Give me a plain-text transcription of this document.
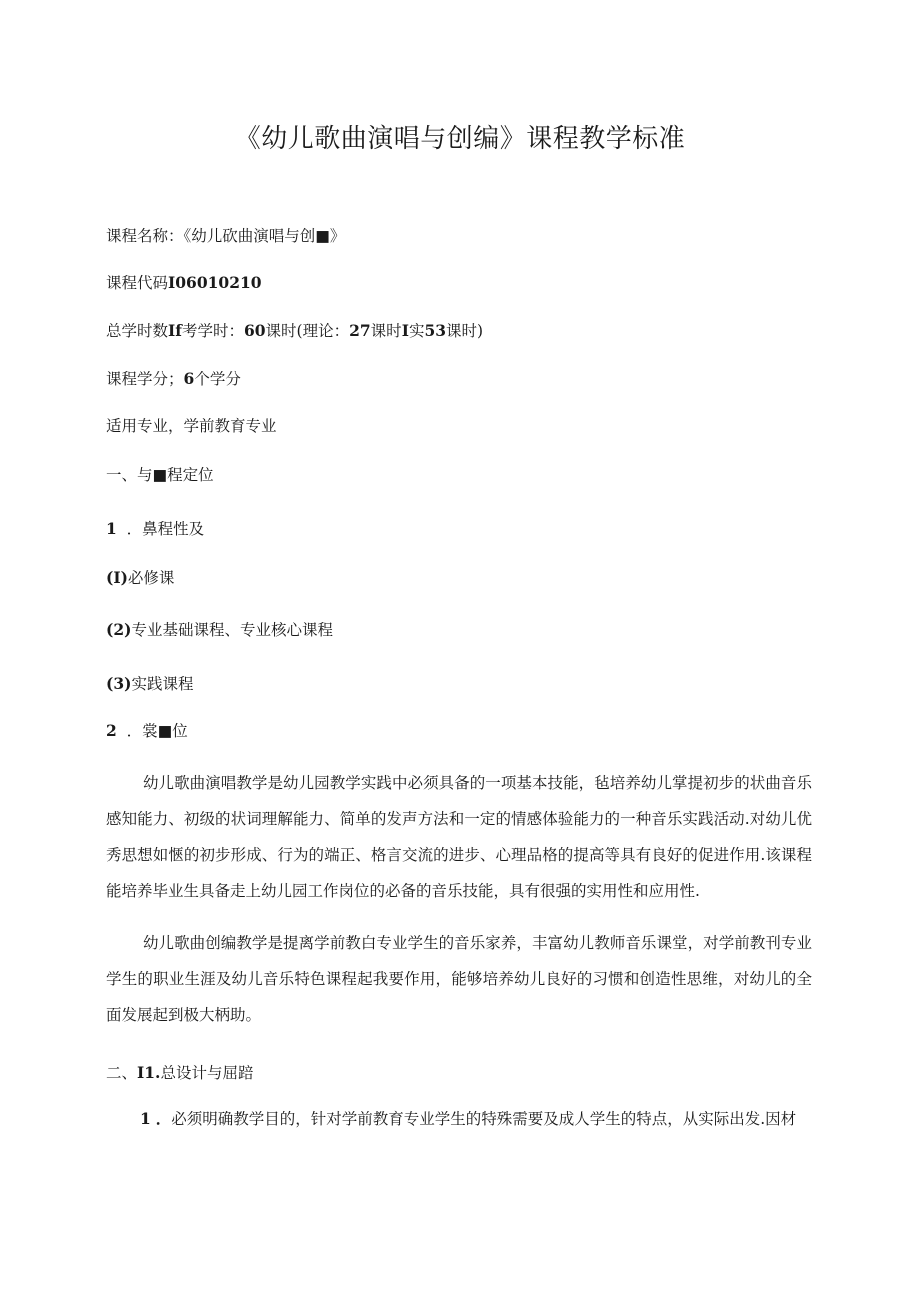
《幼儿歌曲演唱与创编》课程教学标准
课程名称：《幼儿砍曲演唱与创■》
课程代码I06010210
总学时数If考学时：60课时(理论：27课时I实53课时)
课程学分；6个学分
适用专业，学前教育专业
一、与■程定位
1 ．鼻程性及
(I)必修课
(2)专业基础课程、专业核心课程
(3)实践课程
2 ．裳■位
幼儿歌曲演唱教学是幼儿园教学实践中必须具备的一项基本技能，毡培养幼儿掌提初步的状曲音乐感知能力、初级的状词理解能力、简单的发声方法和一定的情感体验能力的一种音乐实践活动.对幼儿优秀思想如愜的初步形成、行为的端正、格言交流的进步、心理品格的提高等具有良好的促进作用.该课程能培养毕业生具备走上幼儿园工作岗位的必备的音乐技能，具有很强的实用性和应用性.
幼儿歌曲创编教学是提离学前教白专业学生的音乐家养，丰富幼儿教师音乐课堂，对学前教刊专业学生的职业生涯及幼儿音乐特色课程起我要作用，能够培养幼儿良好的习惯和创造性思维，对幼儿的全面发展起到极大柄助。
二、I1.总设计与屈踣
1 ．必须明确教学目的，针对学前教育专业学生的特殊需要及成人学生的特点，从实际出发.因材
